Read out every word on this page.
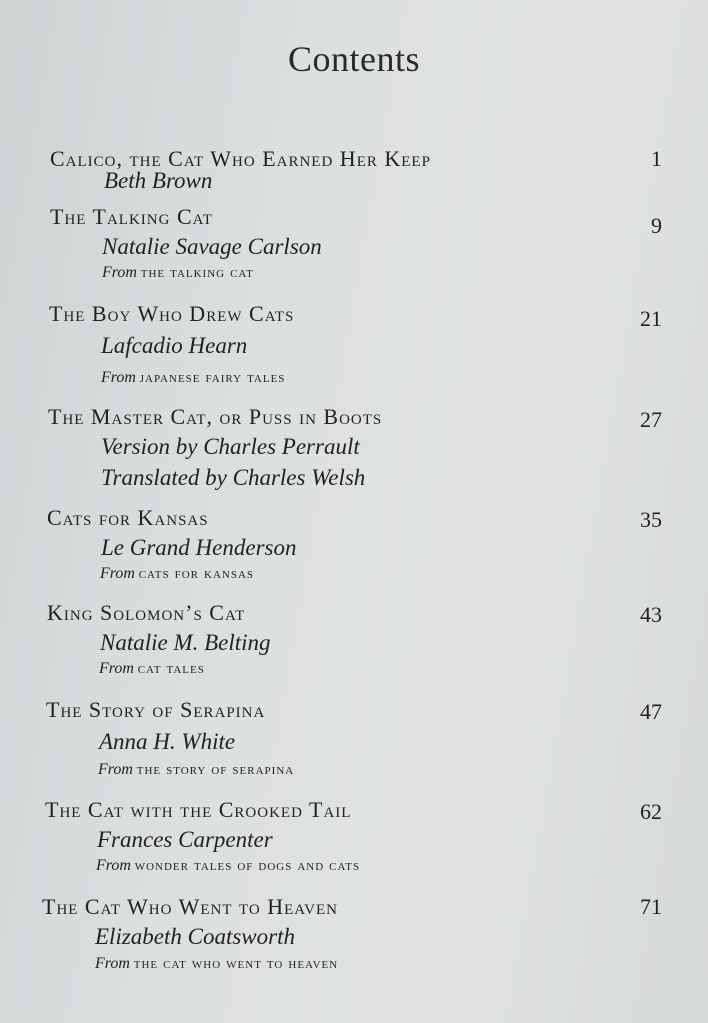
Contents
Calico, the Cat Who Earned Her Keep	1
Beth Brown
The Talking Cat	9
Natalie Savage Carlson
From the talking cat
The Boy Who Drew Cats	21
Lafcadio Hearn
From japanese fairy tales
The Master Cat, or Puss in Boots	27
Version by Charles Perrault
Translated by Charles Welsh
Cats for Kansas	35
Le Grand Henderson
From cats for kansas
King Solomon’s Cat	43
Natalie M. Belting
From cat tales
The Story of Serapina	47
Anna H. White
From the story of serapina
The Cat with the Crooked Tail	62
Frances Carpenter
From wonder tales of dogs and cats
The Cat Who Went to Heaven	71
Elizabeth Coatsworth
From the cat who went to heaven
